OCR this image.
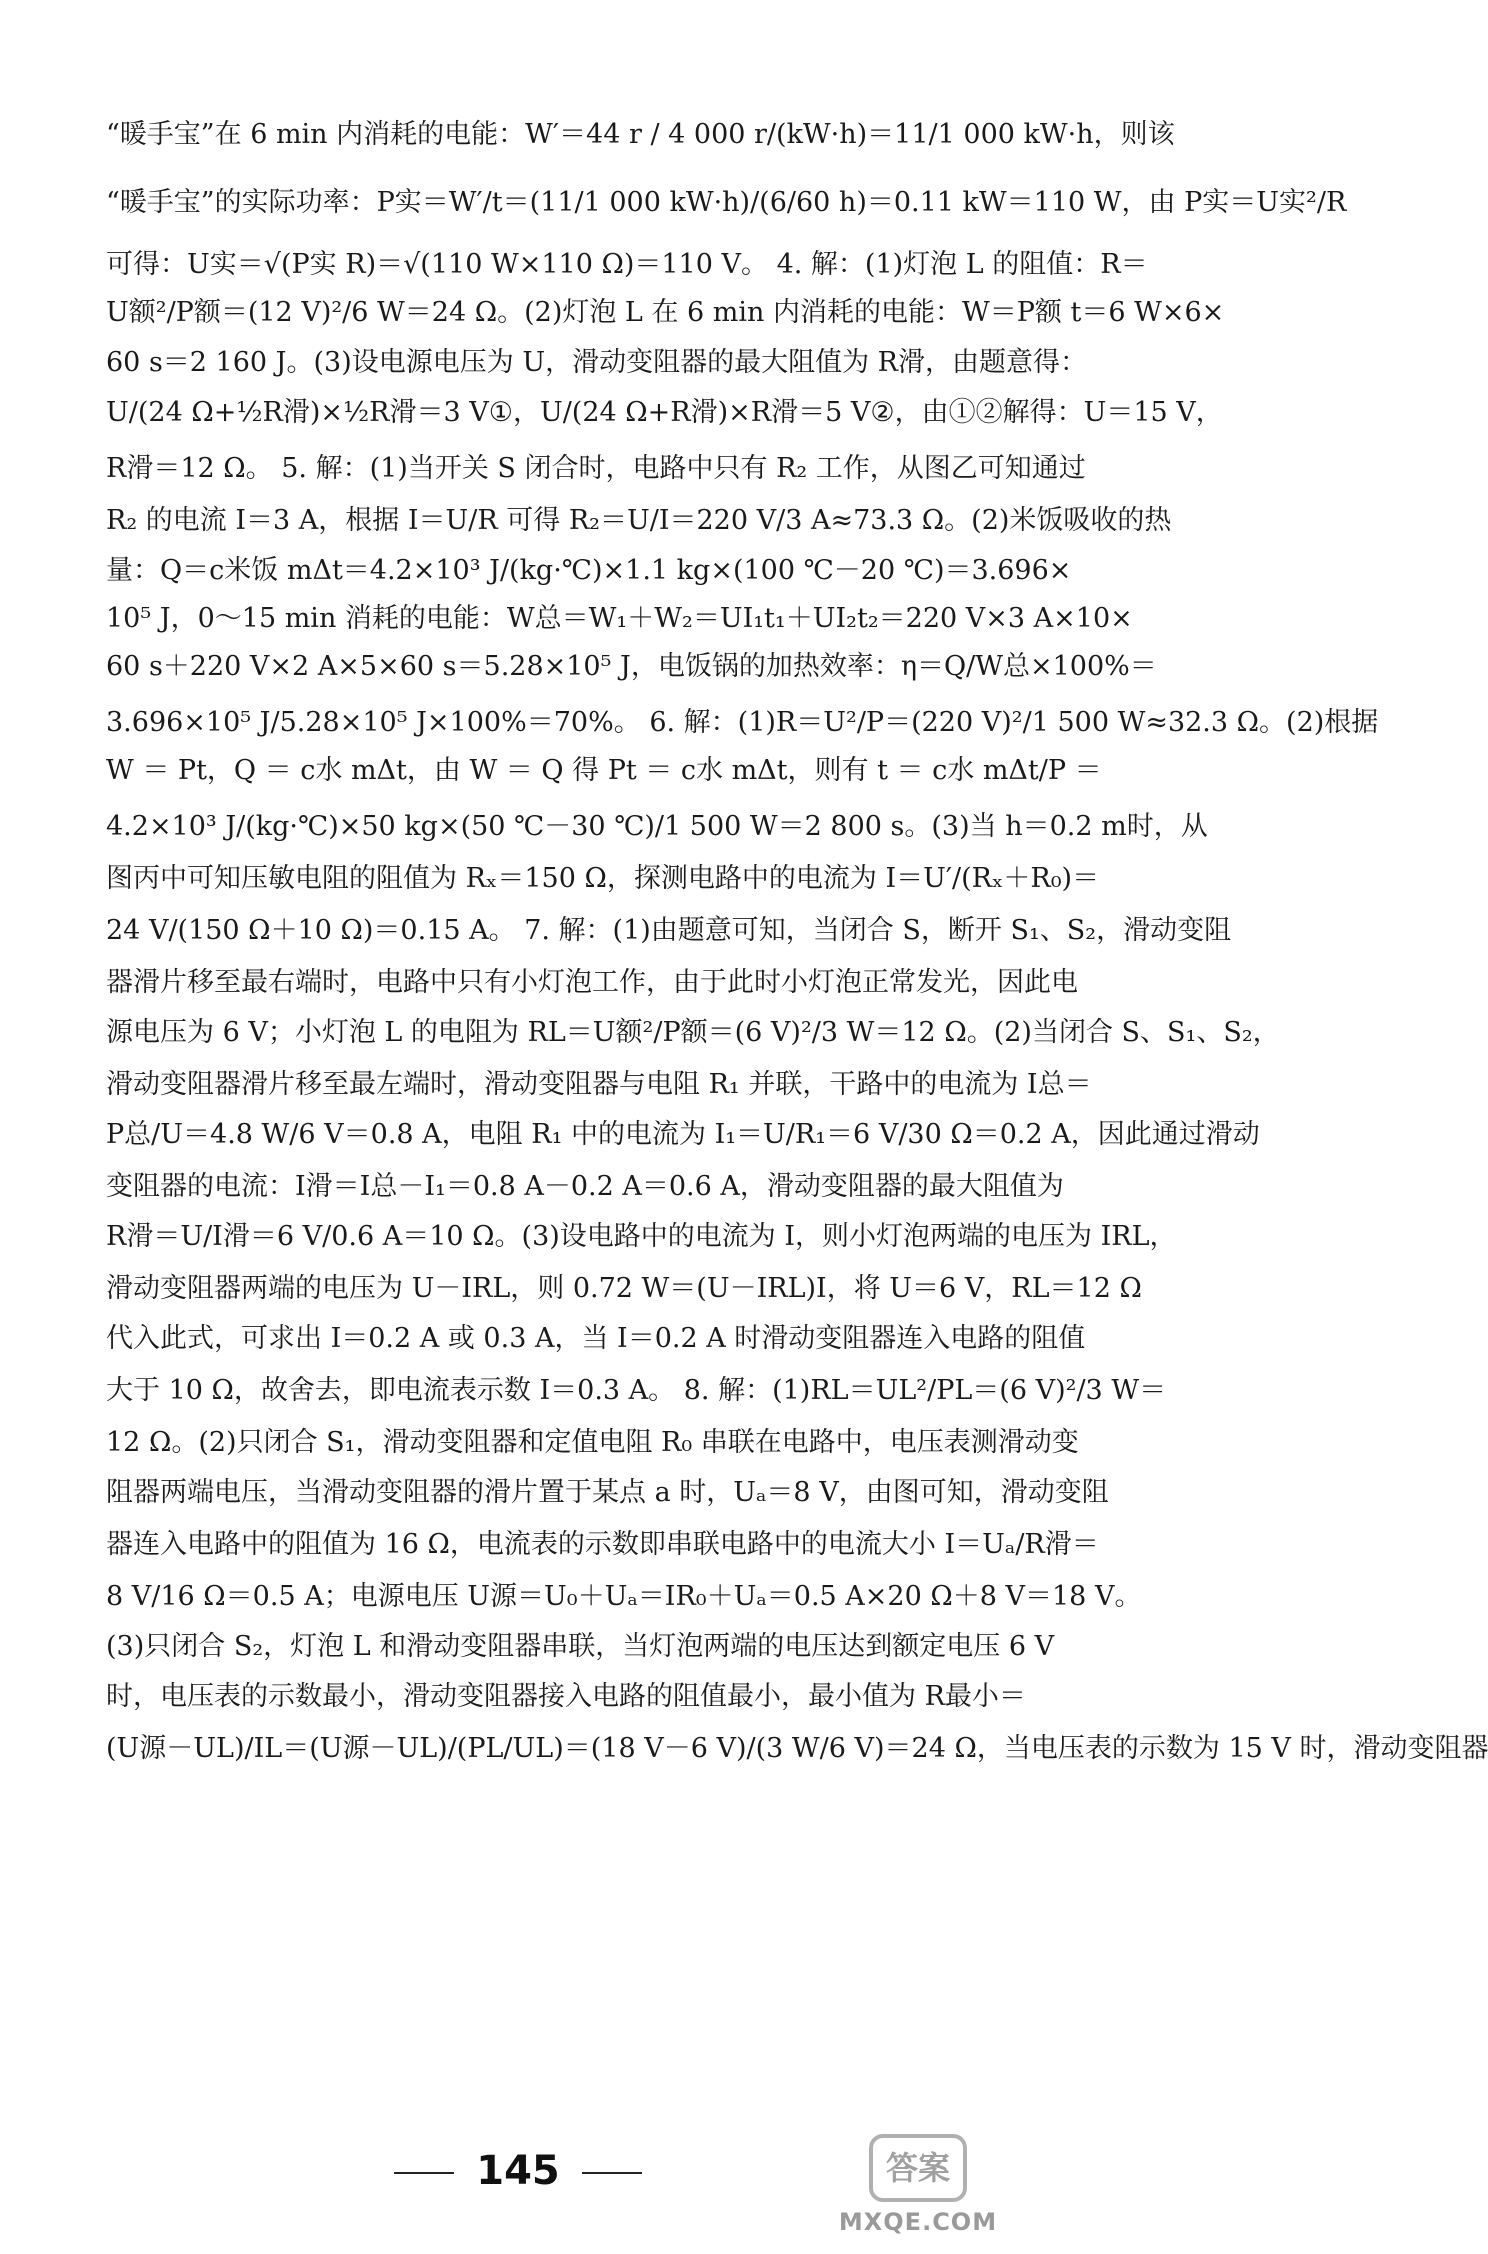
“暖手宝”在 6 min 内消耗的电能：W′＝44 r / 4 000 r/(kW·h)＝11/1 000 kW·h，则该
“暖手宝”的实际功率：P实＝W′/t＝(11/1 000 kW·h)/(6/60 h)＝0.11 kW＝110 W，由 P实＝U实²/R
可得：U实＝√(P实 R)＝√(110 W×110 Ω)＝110 V。 4. 解：(1)灯泡 L 的阻值：R＝
U额²/P额＝(12 V)²/6 W＝24 Ω。(2)灯泡 L 在 6 min 内消耗的电能：W＝P额 t＝6 W×6×
60 s＝2 160 J。(3)设电源电压为 U，滑动变阻器的最大阻值为 R滑，由题意得：
U/(24 Ω+½R滑)×½R滑＝3 V①，U/(24 Ω+R滑)×R滑＝5 V②，由①②解得：U＝15 V，
R滑＝12 Ω。 5. 解：(1)当开关 S 闭合时，电路中只有 R₂ 工作，从图乙可知通过
R₂ 的电流 I＝3 A，根据 I＝U/R 可得 R₂＝U/I＝220 V/3 A≈73.3 Ω。(2)米饭吸收的热
量：Q＝c米饭 mΔt＝4.2×10³ J/(kg·℃)×1.1 kg×(100 ℃－20 ℃)＝3.696×
10⁵ J，0～15 min 消耗的电能：W总＝W₁＋W₂＝UI₁t₁＋UI₂t₂＝220 V×3 A×10×
60 s＋220 V×2 A×5×60 s＝5.28×10⁵ J，电饭锅的加热效率：η＝Q/W总×100%＝
3.696×10⁵ J/5.28×10⁵ J×100%＝70%。 6. 解：(1)R＝U²/P＝(220 V)²/1 500 W≈32.3 Ω。(2)根据
W ＝ Pt，Q ＝ c水 mΔt，由 W ＝ Q 得 Pt ＝ c水 mΔt，则有 t ＝ c水 mΔt/P ＝
4.2×10³ J/(kg·℃)×50 kg×(50 ℃－30 ℃)/1 500 W＝2 800 s。(3)当 h＝0.2 m时，从
图丙中可知压敏电阻的阻值为 Rₓ＝150 Ω，探测电路中的电流为 I＝U′/(Rₓ＋R₀)＝
24 V/(150 Ω＋10 Ω)＝0.15 A。 7. 解：(1)由题意可知，当闭合 S，断开 S₁、S₂，滑动变阻
器滑片移至最右端时，电路中只有小灯泡工作，由于此时小灯泡正常发光，因此电
源电压为 6 V；小灯泡 L 的电阻为 RL＝U额²/P额＝(6 V)²/3 W＝12 Ω。(2)当闭合 S、S₁、S₂，
滑动变阻器滑片移至最左端时，滑动变阻器与电阻 R₁ 并联，干路中的电流为 I总＝
P总/U＝4.8 W/6 V＝0.8 A，电阻 R₁ 中的电流为 I₁＝U/R₁＝6 V/30 Ω＝0.2 A，因此通过滑动
变阻器的电流：I滑＝I总－I₁＝0.8 A－0.2 A＝0.6 A，滑动变阻器的最大阻值为
R滑＝U/I滑＝6 V/0.6 A＝10 Ω。(3)设电路中的电流为 I，则小灯泡两端的电压为 IRL，
滑动变阻器两端的电压为 U－IRL，则 0.72 W＝(U－IRL)I，将 U＝6 V，RL＝12 Ω
代入此式，可求出 I＝0.2 A 或 0.3 A，当 I＝0.2 A 时滑动变阻器连入电路的阻值
大于 10 Ω，故舍去，即电流表示数 I＝0.3 A。 8. 解：(1)RL＝UL²/PL＝(6 V)²/3 W＝
12 Ω。(2)只闭合 S₁，滑动变阻器和定值电阻 R₀ 串联在电路中，电压表测滑动变
阻器两端电压，当滑动变阻器的滑片置于某点 a 时，Uₐ＝8 V，由图可知，滑动变阻
器连入电路中的阻值为 16 Ω，电流表的示数即串联电路中的电流大小 I＝Uₐ/R滑＝
8 V/16 Ω＝0.5 A；电源电压 U源＝U₀＋Uₐ＝IR₀＋Uₐ＝0.5 A×20 Ω＋8 V＝18 V。
(3)只闭合 S₂，灯泡 L 和滑动变阻器串联，当灯泡两端的电压达到额定电压 6 V
时，电压表的示数最小，滑动变阻器接入电路的阻值最小，最小值为 R最小＝
(U源－UL)/IL＝(U源－UL)/(PL/UL)＝(18 V－6 V)/(3 W/6 V)＝24 Ω，当电压表的示数为 15 V 时，滑动变阻器
145	答案
MXQE.COM
